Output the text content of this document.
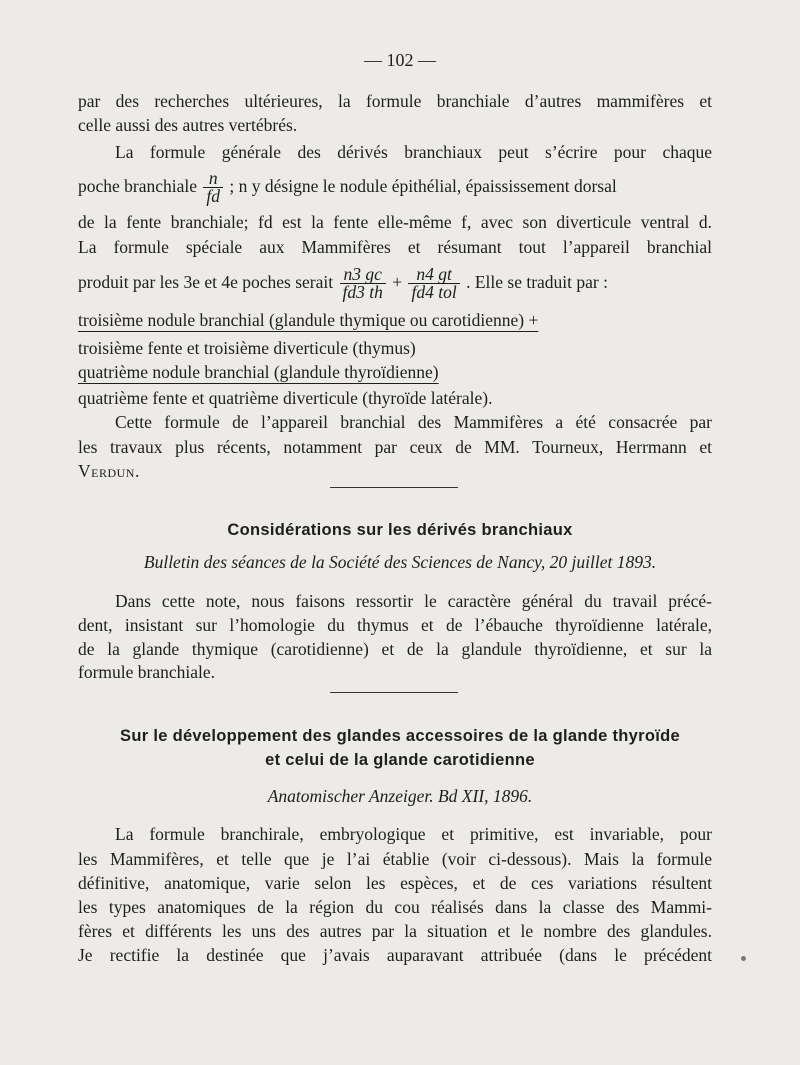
— 102 —
par des recherches ultérieures, la formule branchiale d’autres mammifères et
celle aussi des autres vertébrés.
La formule générale des dérivés branchiaux peut s’écrire pour chaque
poche branchiale $\frac{n}{fd}$ ; n y désigne le nodule épithélial, épaississement dorsal
de la fente branchiale; fd est la fente elle-même f, avec son diverticule ventral d.
La formule spéciale aux Mammifères et résumant tout l’appareil branchial
produit par les 3e et 4e poches serait $\frac{n3 gc}{fd3 th} + \frac{n4 gt}{\text{fd4 tol}}$ . Elle se traduit par :
troisième nodule branchial (glandule thymique ou carotidienne) +
troisième fente et troisième diverticule (thymus)
quatrième nodule branchial (glandule thyroïdienne)
quatrième fente et quatrième diverticule (thyroïde latérale).
Cette formule de l’appareil branchial des Mammifères a été consacrée par
les travaux plus récents, notamment par ceux de MM. Tourneux, Herrmann et
Verdun.
Considérations sur les dérivés branchiaux
Bulletin des séances de la Société des Sciences de Nancy, 20 juillet 1893.
Dans cette note, nous faisons ressortir le caractère général du travail précé-
dent, insistant sur l’homologie du thymus et de l’ébauche thyroïdienne latérale,
de la glande thymique (carotidienne) et de la glandule thyroïdienne, et sur la
formule branchiale.
Sur le développement des glandes accessoires de la glande thyroïde
et celui de la glande carotidienne
Anatomischer Anzeiger. Bd XII, 1896.
La formule branchirale, embryologique et primitive, est invariable, pour
les Mammifères, et telle que je l’ai établie (voir ci-dessous). Mais la formule
définitive, anatomique, varie selon les espèces, et de ces variations résultent
les types anatomiques de la région du cou réalisés dans la classe des Mammi-
fères et différents les uns des autres par la situation et le nombre des glandules.
Je rectifie la destinée que j’avais auparavant attribuée (dans le précédent
